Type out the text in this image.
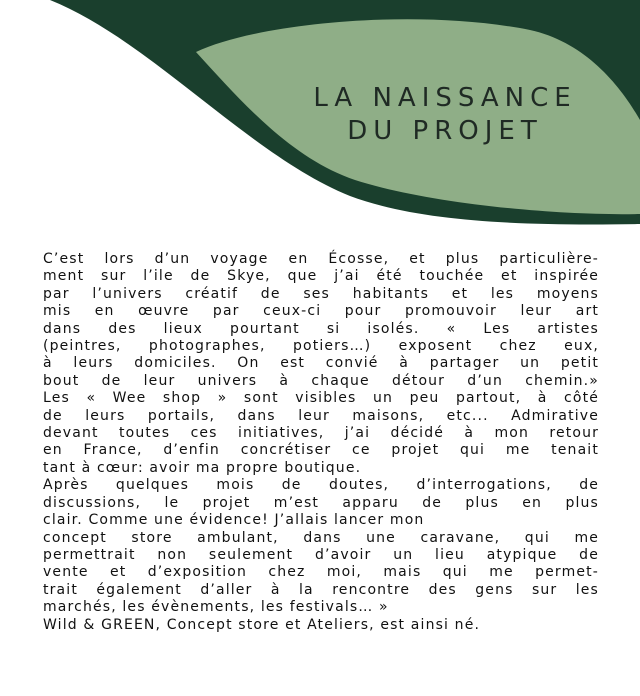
LA NAISSANCE
DU PROJET
C’est lors d’un voyage en Écosse, et plus particulière-
ment sur l’ile de Skye, que j’ai été touchée et inspirée
par l’univers créatif de ses habitants et les moyens
mis en œuvre par ceux-ci pour promouvoir leur art
dans des lieux pourtant si isolés. « Les artistes
(peintres, photographes, potiers…) exposent chez eux,
à leurs domiciles. On est convié à partager un petit
bout de leur univers à chaque détour d’un chemin.»
Les « Wee shop » sont visibles un peu partout, à côté
de leurs portails, dans leur maisons, etc... Admirative
devant toutes ces initiatives, j’ai décidé à mon retour
en France, d’enfin concrétiser ce projet qui me tenait
tant à cœur: avoir ma propre boutique.
Après quelques mois de doutes, d’interrogations, de
discussions, le projet m’est apparu de plus en plus
clair. Comme une évidence! J’allais lancer mon
concept store ambulant, dans une caravane, qui me
permettrait non seulement d’avoir un lieu atypique de
vente et d’exposition chez moi, mais qui me permet-
trait également d’aller à la rencontre des gens sur les
marchés, les évènements, les festivals… »
Wild & GREEN, Concept store et Ateliers, est ainsi né.
